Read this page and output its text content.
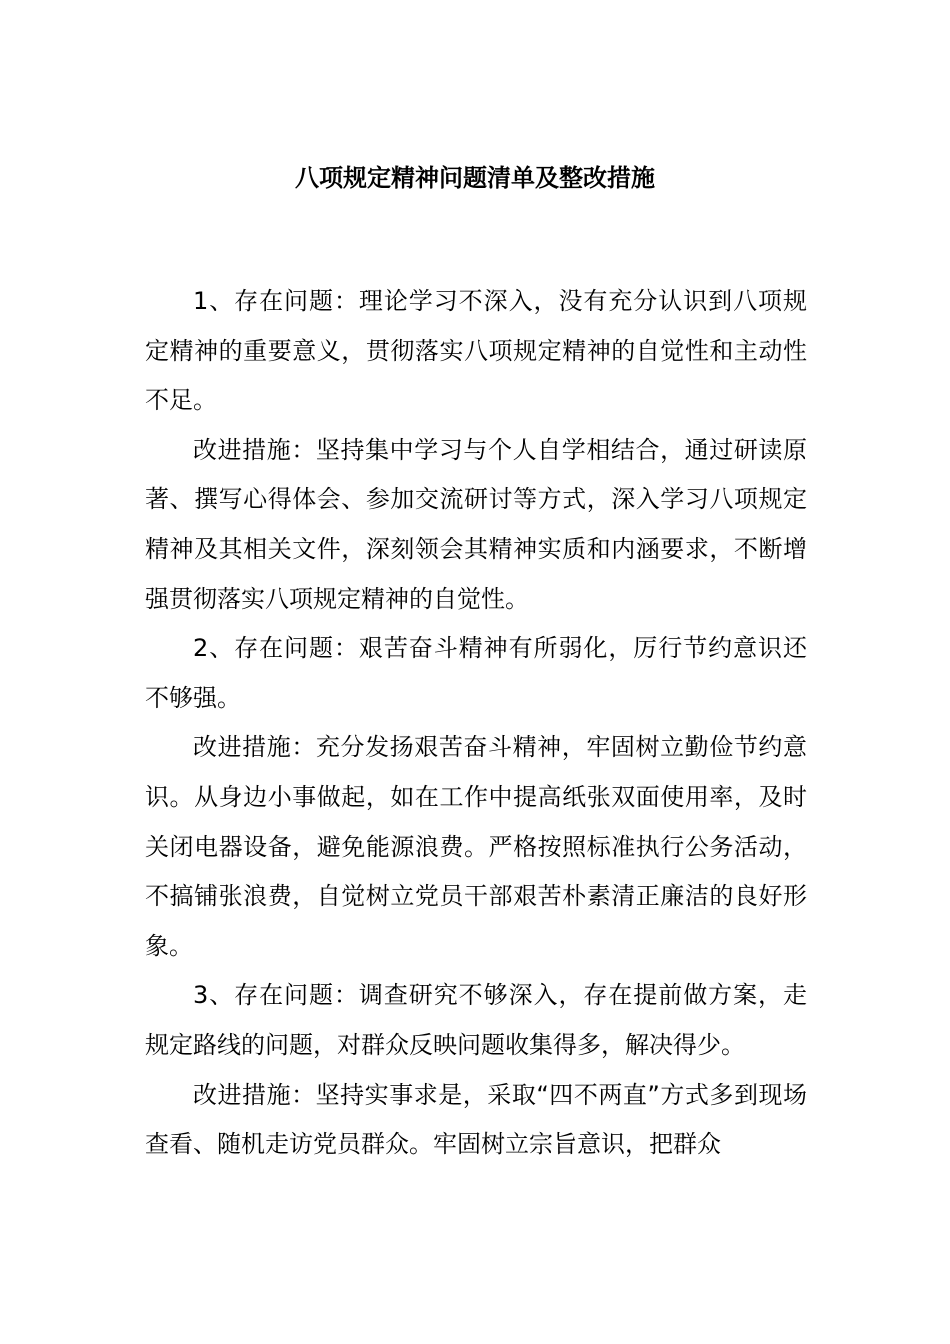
八项规定精神问题清单及整改措施

1、存在问题：理论学习不深入，没有充分认识到八项规定精神的重要意义，贯彻落实八项规定精神的自觉性和主动性不足。

改进措施：坚持集中学习与个人自学相结合，通过研读原著、撰写心得体会、参加交流研讨等方式，深入学习八项规定精神及其相关文件，深刻领会其精神实质和内涵要求，不断增强贯彻落实八项规定精神的自觉性。

2、存在问题：艰苦奋斗精神有所弱化，厉行节约意识还不够强。

改进措施：充分发扬艰苦奋斗精神，牢固树立勤俭节约意识。从身边小事做起，如在工作中提高纸张双面使用率，及时关闭电器设备，避免能源浪费。严格按照标准执行公务活动，不搞铺张浪费，自觉树立党员干部艰苦朴素清正廉洁的良好形象。

3、存在问题：调查研究不够深入，存在提前做方案，走规定路线的问题，对群众反映问题收集得多，解决得少。

改进措施：坚持实事求是，采取“四不两直”方式多到现场查看、随机走访党员群众。牢固树立宗旨意识，把群众
